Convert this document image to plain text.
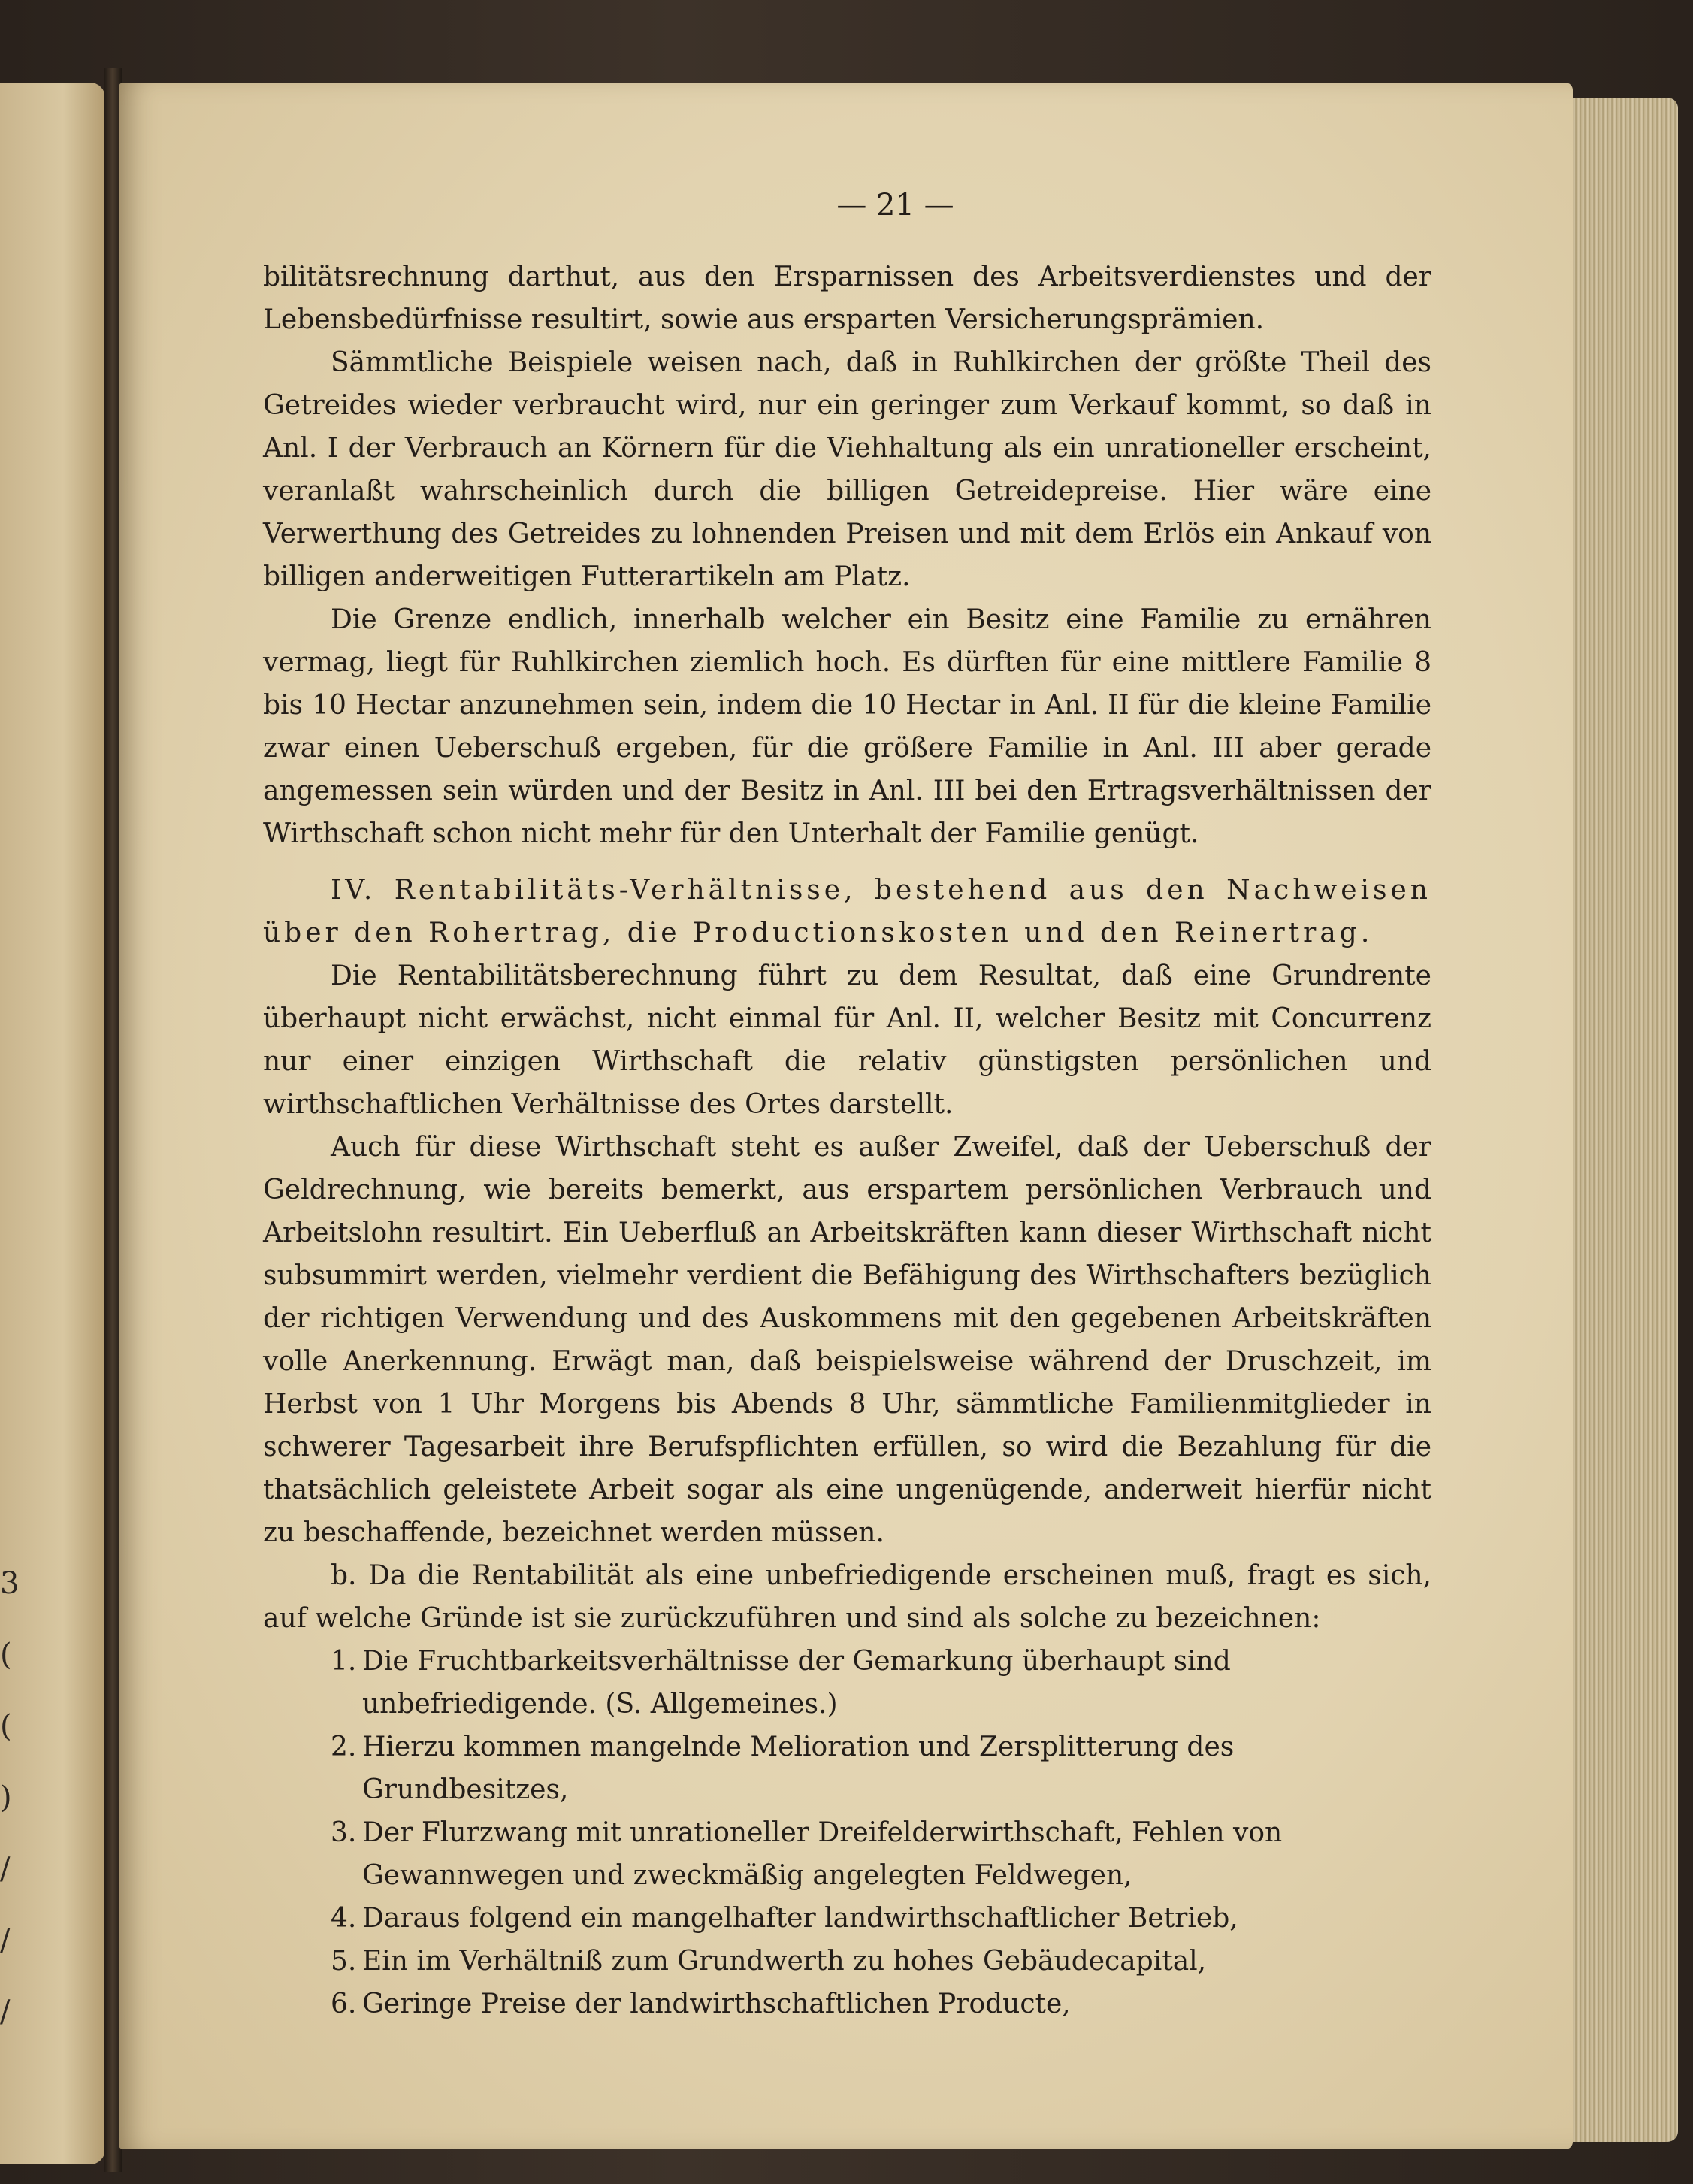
3
(
(
)
/
/
/
— 21 —

bilitätsrechnung darthut, aus den Ersparnissen des Arbeitsverdienstes und der Lebensbedürfnisse resultirt, sowie aus ersparten Versicherungsprämien.

Sämmtliche Beispiele weisen nach, daß in Ruhlkirchen der größte Theil des Getreides wieder verbraucht wird, nur ein geringer zum Verkauf kommt, so daß in Anl. I der Verbrauch an Körnern für die Viehhaltung als ein unrationeller erscheint, veranlaßt wahrscheinlich durch die billigen Getreidepreise. Hier wäre eine Verwerthung des Getreides zu lohnenden Preisen und mit dem Erlös ein Ankauf von billigen anderweitigen Futterartikeln am Platz.

Die Grenze endlich, innerhalb welcher ein Besitz eine Familie zu ernähren vermag, liegt für Ruhlkirchen ziemlich hoch. Es dürften für eine mittlere Familie 8 bis 10 Hectar anzunehmen sein, indem die 10 Hectar in Anl. II für die kleine Familie zwar einen Ueberschuß ergeben, für die größere Familie in Anl. III aber gerade angemessen sein würden und der Besitz in Anl. III bei den Ertragsverhältnissen der Wirthschaft schon nicht mehr für den Unterhalt der Familie genügt.

IV. Rentabilitäts-Verhältnisse, bestehend aus den Nachweisen über den Rohertrag, die Productionskosten und den Reinertrag.

Die Rentabilitätsberechnung führt zu dem Resultat, daß eine Grundrente überhaupt nicht erwächst, nicht einmal für Anl. II, welcher Besitz mit Concurrenz nur einer einzigen Wirthschaft die relativ günstigsten persönlichen und wirthschaftlichen Verhältnisse des Ortes darstellt.

Auch für diese Wirthschaft steht es außer Zweifel, daß der Ueberschuß der Geldrechnung, wie bereits bemerkt, aus erspartem persönlichen Verbrauch und Arbeitslohn resultirt. Ein Ueberfluß an Arbeitskräften kann dieser Wirthschaft nicht subsummirt werden, vielmehr verdient die Befähigung des Wirthschafters bezüglich der richtigen Verwendung und des Auskommens mit den gegebenen Arbeitskräften volle Anerkennung. Erwägt man, daß beispielsweise während der Druschzeit, im Herbst von 1 Uhr Morgens bis Abends 8 Uhr, sämmtliche Familienmitglieder in schwerer Tagesarbeit ihre Berufspflichten erfüllen, so wird die Bezahlung für die thatsächlich geleistete Arbeit sogar als eine ungenügende, anderweit hierfür nicht zu beschaffende, bezeichnet werden müssen.

b. Da die Rentabilität als eine unbefriedigende erscheinen muß, fragt es sich, auf welche Gründe ist sie zurückzuführen und sind als solche zu bezeichnen:

1. Die Fruchtbarkeitsverhältnisse der Gemarkung überhaupt sind unbefriedigende. (S. Allgemeines.)
2. Hierzu kommen mangelnde Melioration und Zersplitterung des Grundbesitzes,
3. Der Flurzwang mit unrationeller Dreifelderwirthschaft, Fehlen von Gewannwegen und zweckmäßig angelegten Feldwegen,
4. Daraus folgend ein mangelhafter landwirthschaftlicher Betrieb,
5. Ein im Verhältniß zum Grundwerth zu hohes Gebäudecapital,
6. Geringe Preise der landwirthschaftlichen Producte,
